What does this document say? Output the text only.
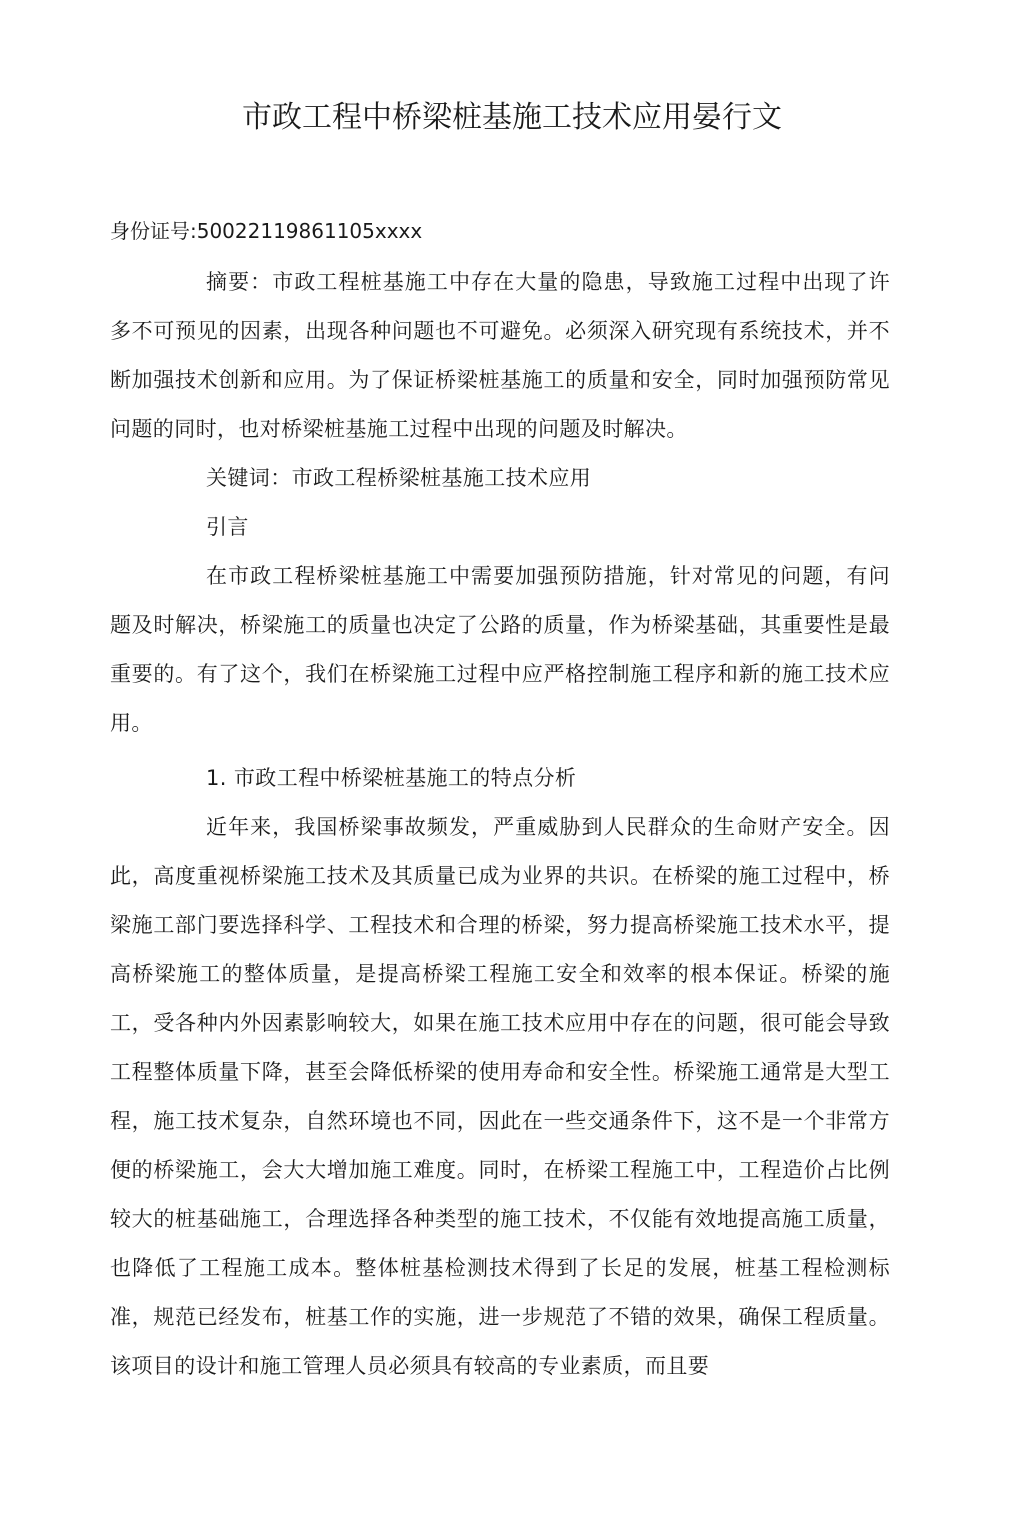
市政工程中桥梁桩基施工技术应用晏行文

身份证号:50022119861105xxxx

摘要：市政工程桩基施工中存在大量的隐患，导致施工过程中出现了许多不可预见的因素，出现各种问题也不可避免。必须深入研究现有系统技术，并不断加强技术创新和应用。为了保证桥梁桩基施工的质量和安全，同时加强预防常见问题的同时，也对桥梁桩基施工过程中出现的问题及时解决。

关键词：市政工程桥梁桩基施工技术应用

引言

在市政工程桥梁桩基施工中需要加强预防措施，针对常见的问题，有问题及时解决，桥梁施工的质量也决定了公路的质量，作为桥梁基础，其重要性是最重要的。有了这个，我们在桥梁施工过程中应严格控制施工程序和新的施工技术应用。

1. 市政工程中桥梁桩基施工的特点分析

近年来，我国桥梁事故频发，严重威胁到人民群众的生命财产安全。因此，高度重视桥梁施工技术及其质量已成为业界的共识。在桥梁的施工过程中，桥梁施工部门要选择科学、工程技术和合理的桥梁，努力提高桥梁施工技术水平，提高桥梁施工的整体质量，是提高桥梁工程施工安全和效率的根本保证。桥梁的施工，受各种内外因素影响较大，如果在施工技术应用中存在的问题，很可能会导致工程整体质量下降，甚至会降低桥梁的使用寿命和安全性。桥梁施工通常是大型工程，施工技术复杂，自然环境也不同，因此在一些交通条件下，这不是一个非常方便的桥梁施工，会大大增加施工难度。同时，在桥梁工程施工中，工程造价占比例较大的桩基础施工，合理选择各种类型的施工技术，不仅能有效地提高施工质量，也降低了工程施工成本。整体桩基检测技术得到了长足的发展，桩基工程检测标准，规范已经发布，桩基工作的实施，进一步规范了不错的效果，确保工程质量。该项目的设计和施工管理人员必须具有较高的专业素质，而且要
